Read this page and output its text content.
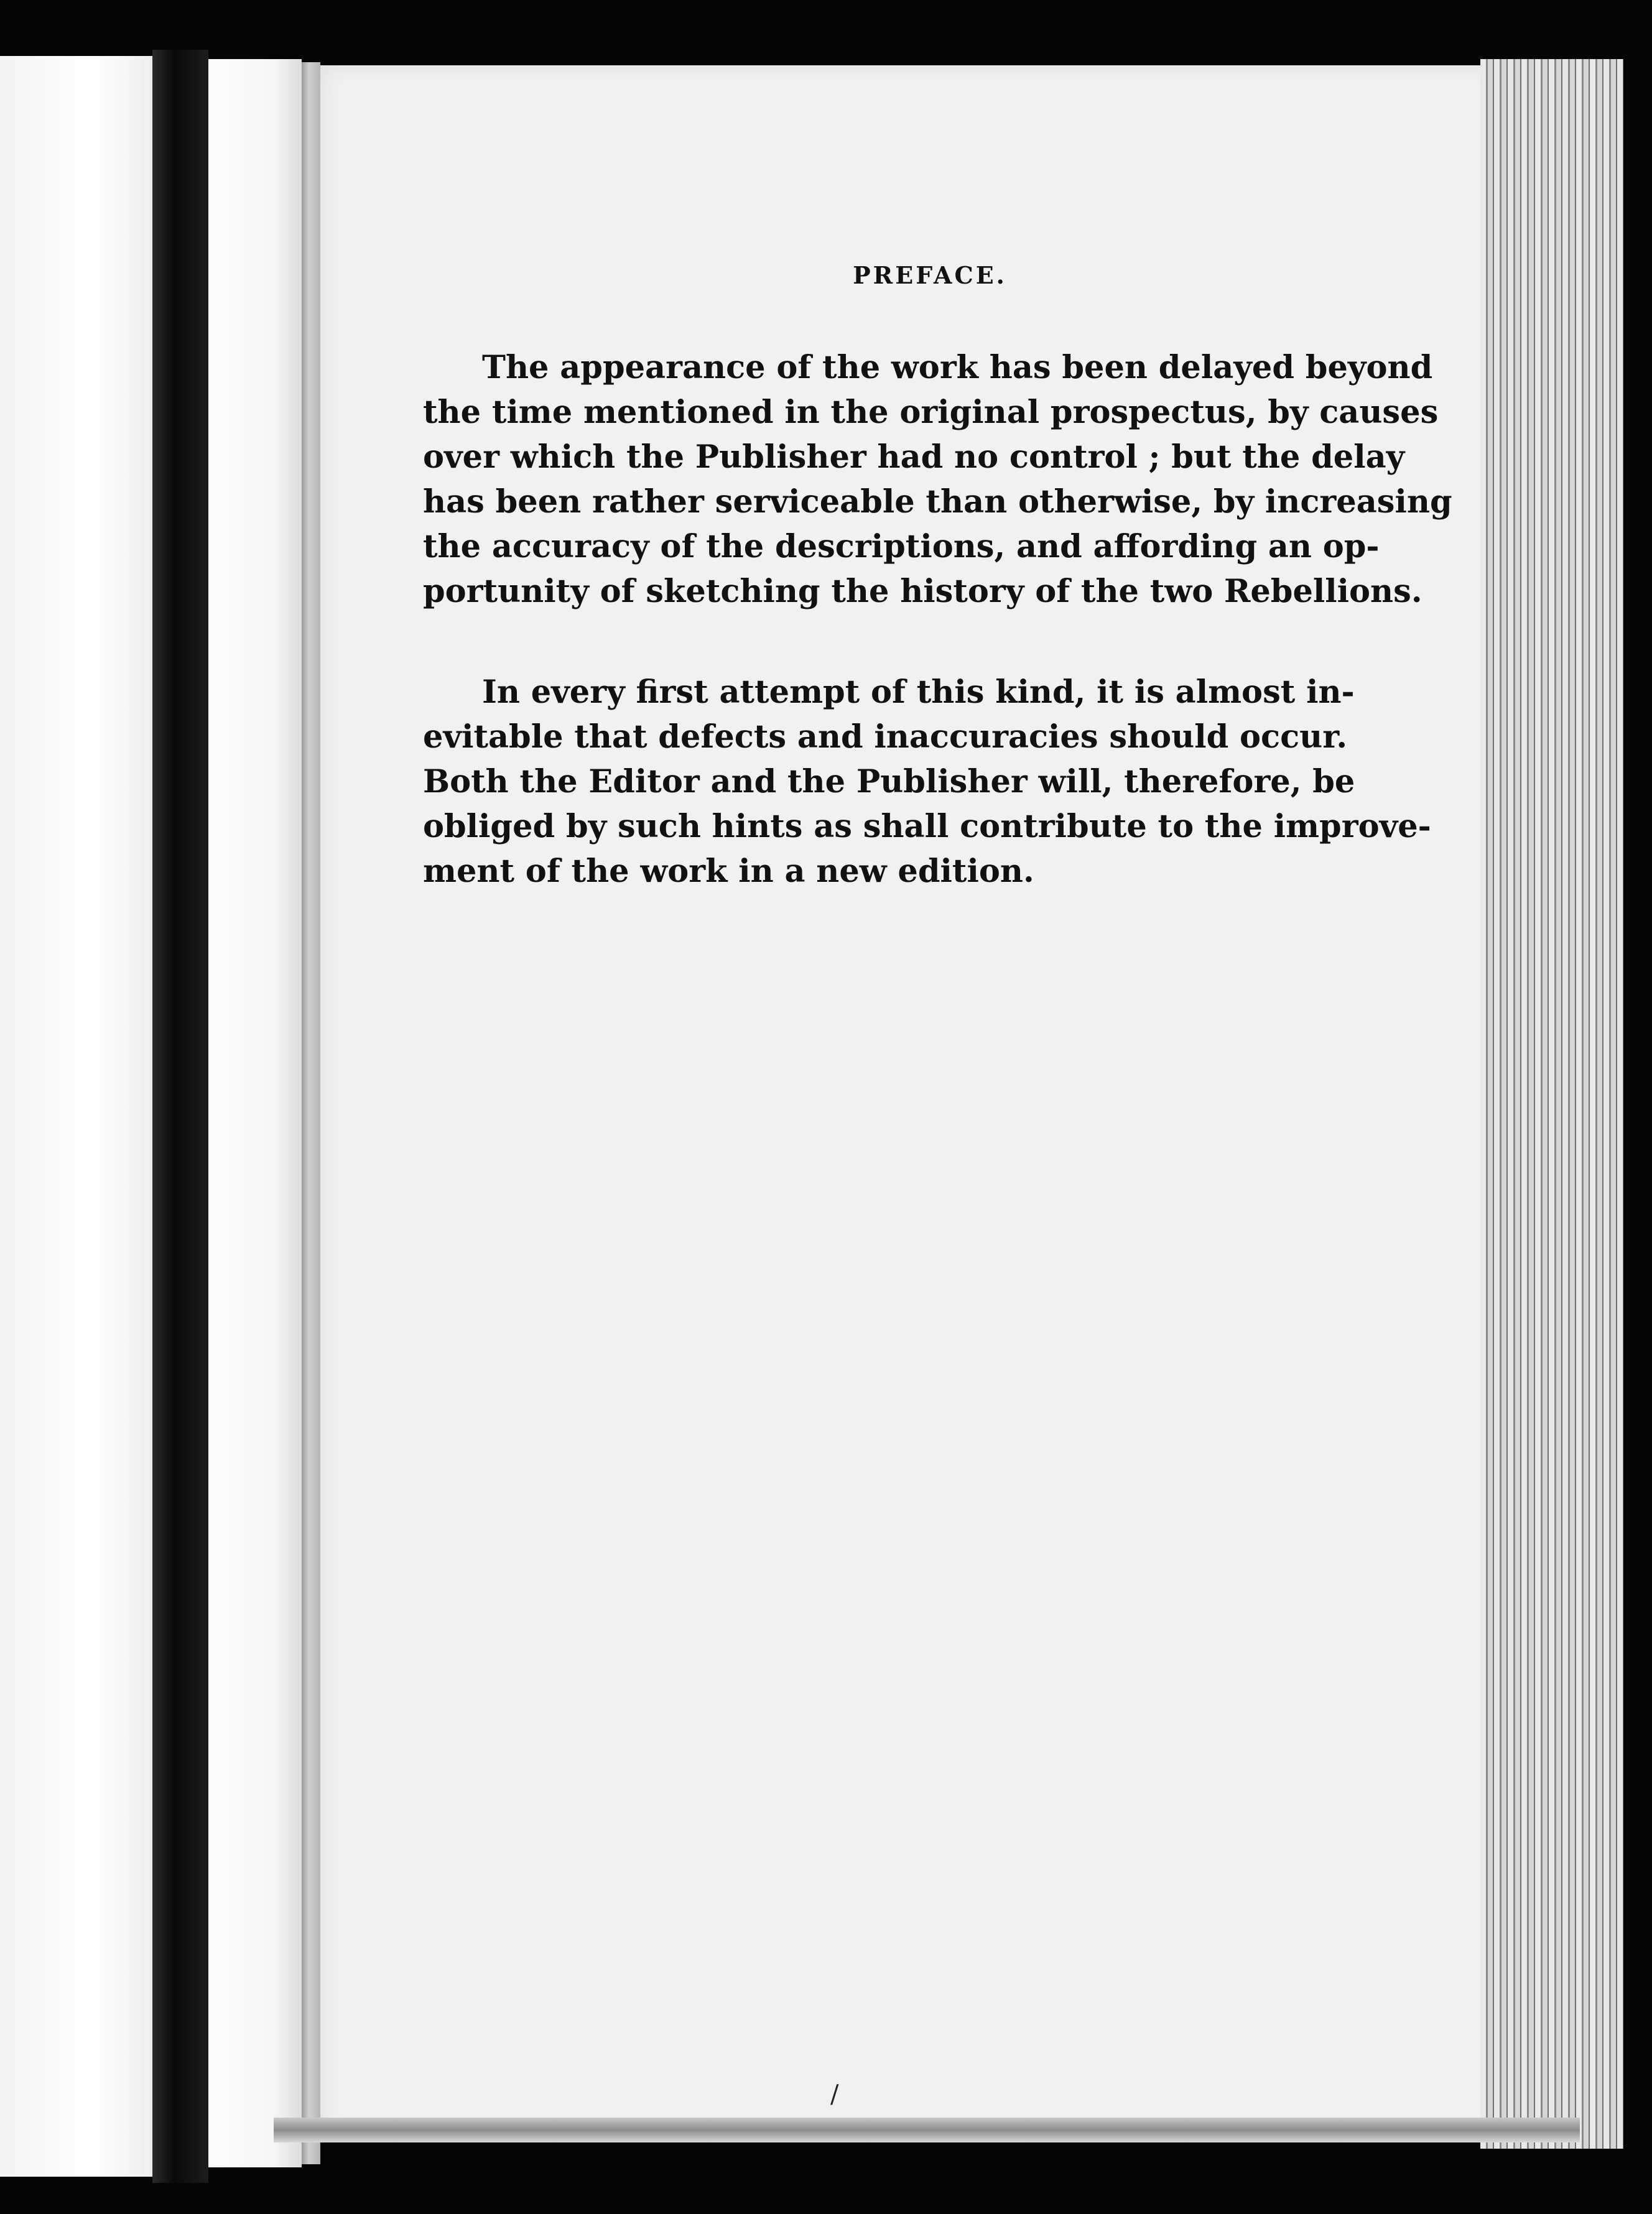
PREFACE.
The appearance of the work has been delayed beyond
the time mentioned in the original prospectus, by causes
over which the Publisher had no control ; but the delay
has been rather serviceable than otherwise, by increasing
the accuracy of the descriptions, and affording an op-
portunity of sketching the history of the two Rebellions.
In every first attempt of this kind, it is almost in-
evitable that defects and inaccuracies should occur.
Both the Editor and the Publisher will, therefore, be
obliged by such hints as shall contribute to the improve-
ment of the work in a new edition.
/
